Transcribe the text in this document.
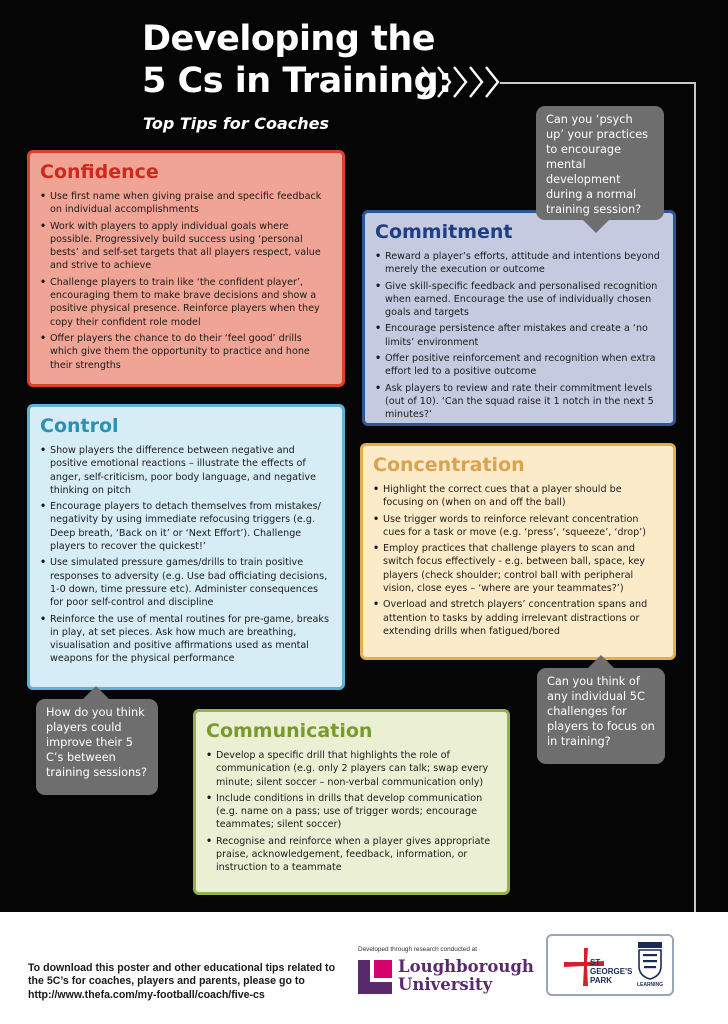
Developing the
5 Cs in Training:
Top Tips for Coaches
Confidence
• Use first name when giving praise and specific feedback on individual accomplishments
• Work with players to apply individual goals where possible. Progressively build success using ‘personal bests’ and self-set targets that all players respect, value and strive to achieve
• Challenge players to train like ‘the confident player’, encouraging them to make brave decisions and show a positive physical presence. Reinforce players when they copy their confident role model
• Offer players the chance to do their ‘feel good’ drills which give them the opportunity to practice and hone their strengths
Commitment
• Reward a player’s efforts, attitude and intentions beyond merely the execution or outcome
• Give skill-specific feedback and personalised recognition when earned. Encourage the use of individually chosen goals and targets
• Encourage persistence after mistakes and create a ‘no limits’ environment
• Offer positive reinforcement and recognition when extra effort led to a positive outcome
• Ask players to review and rate their commitment levels (out of 10). ‘Can the squad raise it 1 notch in the next 5 minutes?’
Control
• Show players the difference between negative and positive emotional reactions – illustrate the effects of anger, self-criticism, poor body language, and negative thinking on pitch
• Encourage players to detach themselves from mistakes/ negativity by using immediate refocusing triggers (e.g. Deep breath, ‘Back on it’ or ‘Next Effort’). Challenge players to recover the quickest!’
• Use simulated pressure games/drills to train positive responses to adversity (e.g. Use bad officiating decisions, 1-0 down, time pressure etc). Administer consequences for poor self-control and discipline
• Reinforce the use of mental routines for pre-game, breaks in play, at set pieces. Ask how much are breathing, visualisation and positive affirmations used as mental weapons for the physical performance
Concentration
• Highlight the correct cues that a player should be focusing on (when on and off the ball)
• Use trigger words to reinforce relevant concentration cues for a task or move (e.g. ‘press’, ‘squeeze’, ‘drop’)
• Employ practices that challenge players to scan and switch focus effectively - e.g. between ball, space, key players (check shoulder; control ball with peripheral vision, close eyes – ‘where are your teammates?’)
• Overload and stretch players’ concentration spans and attention to tasks by adding irrelevant distractions or extending drills when fatigued/bored
Communication
• Develop a specific drill that highlights the role of communication (e.g. only 2 players can talk; swap every minute; silent soccer – non-verbal communication only)
• Include conditions in drills that develop communication (e.g. name on a pass; use of trigger words; encourage teammates; silent soccer)
• Recognise and reinforce when a player gives appropriate praise, acknowledgement, feedback, information, or instruction to a teammate
Can you ‘psych up’ your practices to encourage mental development during a normal training session?
How do you think players could improve their 5 C’s between training sessions?
Can you think of any individual 5C challenges for players to focus on in training?
To download this poster and other educational tips related to the 5C’s for coaches, players and parents, please go to http://www.thefa.com/my-football/coach/five-cs
Developed through research conducted at
Loughborough
University
ST GEORGE'S PARK	LEARNING
